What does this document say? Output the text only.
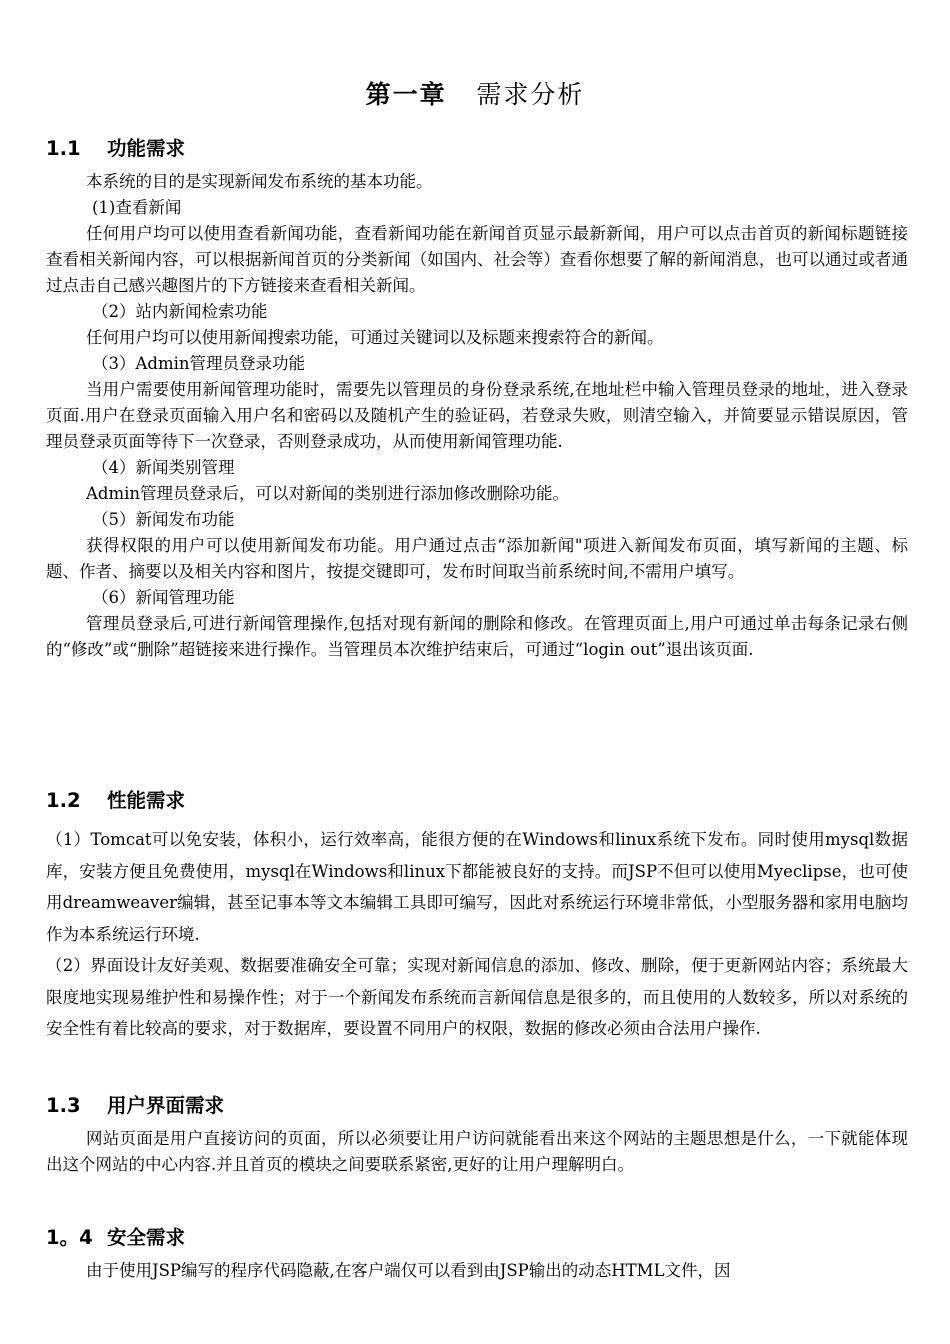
第一章 需求分析
1.1 功能需求

本系统的目的是实现新闻发布系统的基本功能。

(1)查看新闻

任何用户均可以使用查看新闻功能，查看新闻功能在新闻首页显示最新新闻，用户可以点击首页的新闻标题链接查看相关新闻内容，可以根据新闻首页的分类新闻（如国内、社会等）查看你想要了解的新闻消息，也可以通过或者通过点击自己感兴趣图片的下方链接来查看相关新闻。

（2）站内新闻检索功能

任何用户均可以使用新闻搜索功能，可通过关键词以及标题来搜索符合的新闻。

（3）Admin管理员登录功能

当用户需要使用新闻管理功能时，需要先以管理员的身份登录系统,在地址栏中输入管理员登录的地址，进入登录页面.用户在登录页面输入用户名和密码以及随机产生的验证码，若登录失败，则清空输入，并简要显示错误原因，管理员登录页面等待下一次登录，否则登录成功，从而使用新闻管理功能.

（4）新闻类别管理

Admin管理员登录后，可以对新闻的类别进行添加修改删除功能。

（5）新闻发布功能

获得权限的用户可以使用新闻发布功能。用户通过点击“添加新闻"项进入新闻发布页面，填写新闻的主题、标题、作者、摘要以及相关内容和图片，按提交键即可，发布时间取当前系统时间,不需用户填写。

（6）新闻管理功能

管理员登录后,可进行新闻管理操作,包括对现有新闻的删除和修改。在管理页面上,用户可通过单击每条记录右侧的“修改”或“删除”超链接来进行操作。当管理员本次维护结束后，可通过“login out”退出该页面.

1.2 性能需求

（1）Tomcat可以免安装，体积小，运行效率高，能很方便的在Windows和linux系统下发布。同时使用mysql数据库，安装方便且免费使用，mysql在Windows和linux下都能被良好的支持。而JSP不但可以使用Myeclipse，也可使用dreamweaver编辑，甚至记事本等文本编辑工具即可编写，因此对系统运行环境非常低，小型服务器和家用电脑均作为本系统运行环境.

（2）界面设计友好美观、数据要准确安全可靠；实现对新闻信息的添加、修改、删除，便于更新网站内容；系统最大限度地实现易维护性和易操作性；对于一个新闻发布系统而言新闻信息是很多的，而且使用的人数较多，所以对系统的安全性有着比较高的要求，对于数据库，要设置不同用户的权限，数据的修改必须由合法用户操作.

1.3 用户界面需求

网站页面是用户直接访问的页面，所以必须要让用户访问就能看出来这个网站的主题思想是什么，一下就能体现出这个网站的中心内容.并且首页的模块之间要联系紧密,更好的让用户理解明白。

1。4 安全需求

由于使用JSP编写的程序代码隐蔽,在客户端仅可以看到由JSP输出的动态HTML文件，因
